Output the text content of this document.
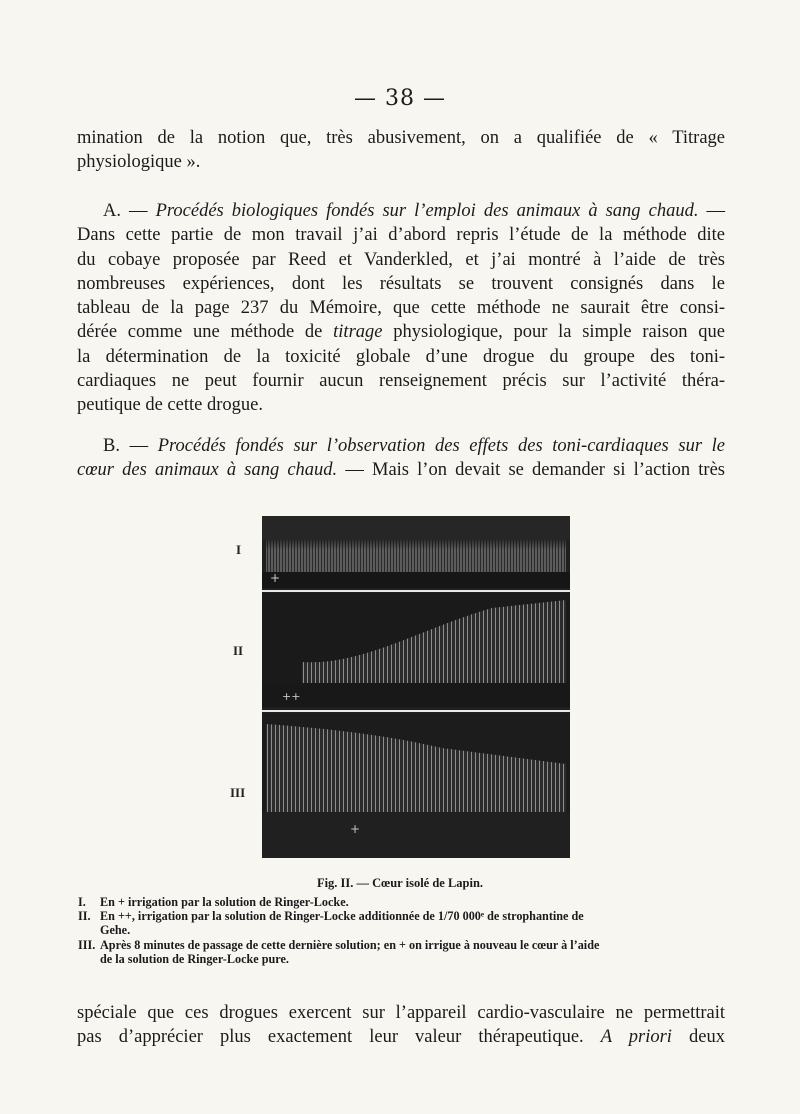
— 38 —
mination de la notion que, très abusivement, on a qualifiée de « Titrage
physiologique ».
A. — Procédés biologiques fondés sur l’emploi des animaux à sang chaud. —
Dans cette partie de mon travail j’ai d’abord repris l’étude de la méthode dite
du cobaye proposée par Reed et Vanderkled, et j’ai montré à l’aide de très
nombreuses expériences, dont les résultats se trouvent consignés dans le
tableau de la page 237 du Mémoire, que cette méthode ne saurait être consi-
dérée comme une méthode de titrage physiologique, pour la simple raison que
la détermination de la toxicité globale d’une drogue du groupe des toni-
cardiaques ne peut fournir aucun renseignement précis sur l’activité théra-
peutique de cette drogue.
B. — Procédés fondés sur l’observation des effets des toni-cardiaques sur le
cœur des animaux à sang chaud. — Mais l’on devait se demander si l’action très
I
II
III
+
++
+
Fig. II. — Cœur isolé de Lapin.
I. En + irrigation par la solution de Ringer-Locke.
II. En ++, irrigation par la solution de Ringer-Locke additionnée de 1/70 000ᵉ de strophantine de
Gehe.
III. Après 8 minutes de passage de cette dernière solution; en + on irrigue à nouveau le cœur à l’aide
de la solution de Ringer-Locke pure.
spéciale que ces drogues exercent sur l’appareil cardio-vasculaire ne permettrait
pas d’apprécier plus exactement leur valeur thérapeutique. A priori deux
